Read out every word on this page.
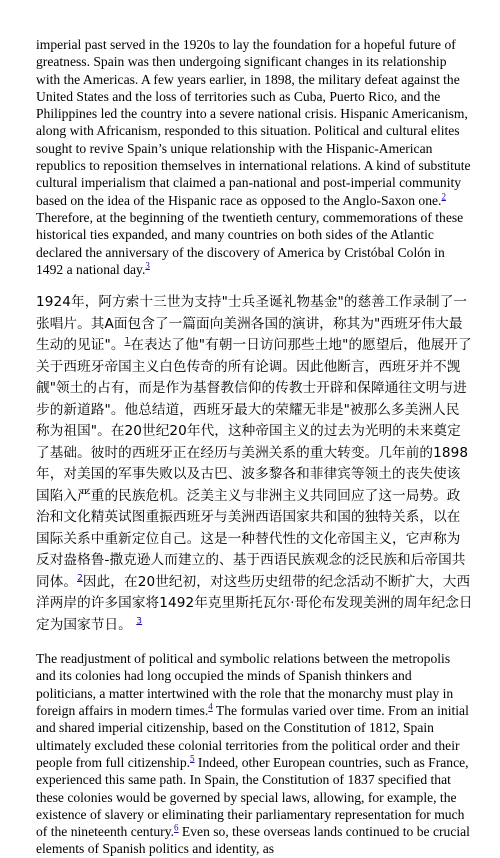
imperial past served in the 1920s to lay the foundation for a hopeful future of greatness. Spain was then undergoing significant changes in its relationship with the Americas. A few years earlier, in 1898, the military defeat against the United States and the loss of territories such as Cuba, Puerto Rico, and the Philippines led the country into a severe national crisis. Hispanic Americanism, along with Africanism, responded to this situation. Political and cultural elites sought to revive Spain’s unique relationship with the Hispanic-American republics to reposition themselves in international relations. A kind of substitute cultural imperialism that claimed a pan-national and post-imperial community based on the idea of the Hispanic race as opposed to the Anglo-Saxon one.$^2$ Therefore, at the beginning of the twentieth century, commemorations of these historical ties expanded, and many countries on both sides of the Atlantic declared the anniversary of the discovery of America by Cristóbal Colón in 1492 a national day.$^3$

1924年，阿方索十三世为支持"士兵圣诞礼物基金"的慈善工作录制了一张唱片。其A面包含了一篇面向美洲各国的演讲，称其为"西班牙伟大最生动的见证"。$^1$在表达了他"有朝一日访问那些土地"的愿望后，他展开了关于西班牙帝国主义白色传奇的所有论调。因此他断言，西班牙并不觊觎"领土的占有，而是作为基督教信仰的传教士开辟和保障通往文明与进步的新道路"。他总结道，西班牙最大的荣耀无非是"被那么多美洲人民称为祖国"。在20世纪20年代，这种帝国主义的过去为光明的未来奠定了基础。彼时的西班牙正在经历与美洲关系的重大转变。几年前的1898年，对美国的军事失败以及古巴、波多黎各和菲律宾等领土的丧失使该国陷入严重的民族危机。泛美主义与非洲主义共同回应了这一局势。政治和文化精英试图重振西班牙与美洲西语国家共和国的独特关系，以在国际关系中重新定位自己。这是一种替代性的文化帝国主义，它声称为反对盎格鲁-撒克逊人而建立的、基于西语民族观念的泛民族和后帝国共同体。$^2$因此，在20世纪初，对这些历史纽带的纪念活动不断扩大，大西洋两岸的许多国家将1492年克里斯托瓦尔·哥伦布发现美洲的周年纪念日定为国家节日。 $^3$

The readjustment of political and symbolic relations between the metropolis and its colonies had long occupied the minds of Spanish thinkers and politicians, a matter intertwined with the role that the monarchy must play in foreign affairs in modern times.$^4$ The formulas varied over time. From an initial and shared imperial citizenship, based on the Constitution of 1812, Spain ultimately excluded these colonial territories from the political order and their people from full citizenship.$^5$ Indeed, other European countries, such as France, experienced this same path. In Spain, the Constitution of 1837 specified that these colonies would be governed by special laws, allowing, for example, the existence of slavery or eliminating their parliamentary representation for much of the nineteenth century.$^6$ Even so, these overseas lands continued to be crucial elements of Spanish politics and identity, as
